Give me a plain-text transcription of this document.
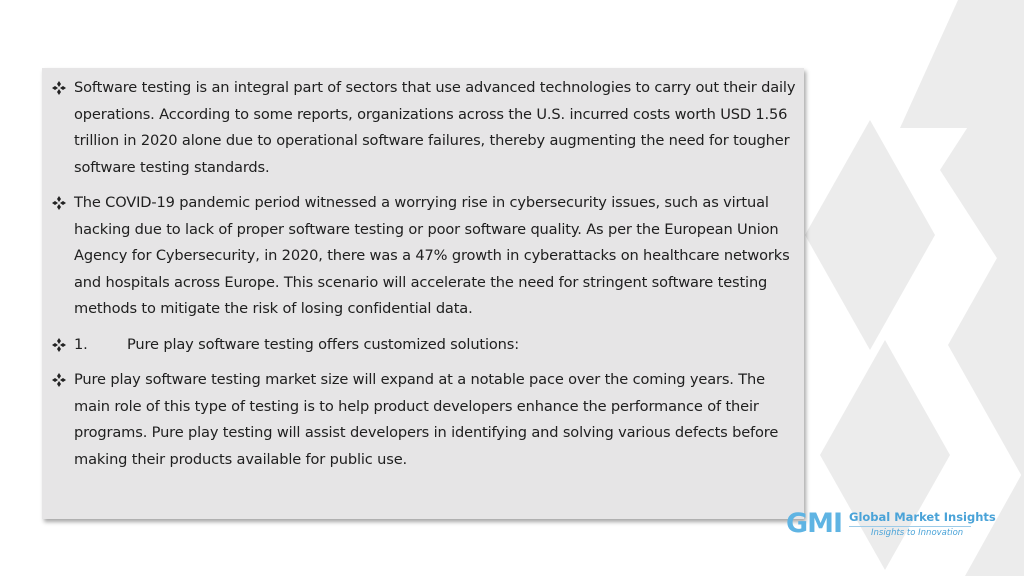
Software testing is an integral part of sectors that use advanced technologies to carry out their daily operations. According to some reports, organizations across the U.S. incurred costs worth USD 1.56 trillion in 2020 alone due to operational software failures, thereby augmenting the need for tougher software testing standards.
The COVID-19 pandemic period witnessed a worrying rise in cybersecurity issues, such as virtual hacking due to lack of proper software testing or poor software quality. As per the European Union Agency for Cybersecurity, in 2020, there was a 47% growth in cyberattacks on healthcare networks and hospitals across Europe. This scenario will accelerate the need for stringent software testing methods to mitigate the risk of losing confidential data.
1.	Pure play software testing offers customized solutions:
Pure play software testing market size will expand at a notable pace over the coming years. The main role of this type of testing is to help product developers enhance the performance of their programs. Pure play testing will assist developers in identifying and solving various defects before making their products available for public use.
GMI Global Market Insights
Insights to Innovation
